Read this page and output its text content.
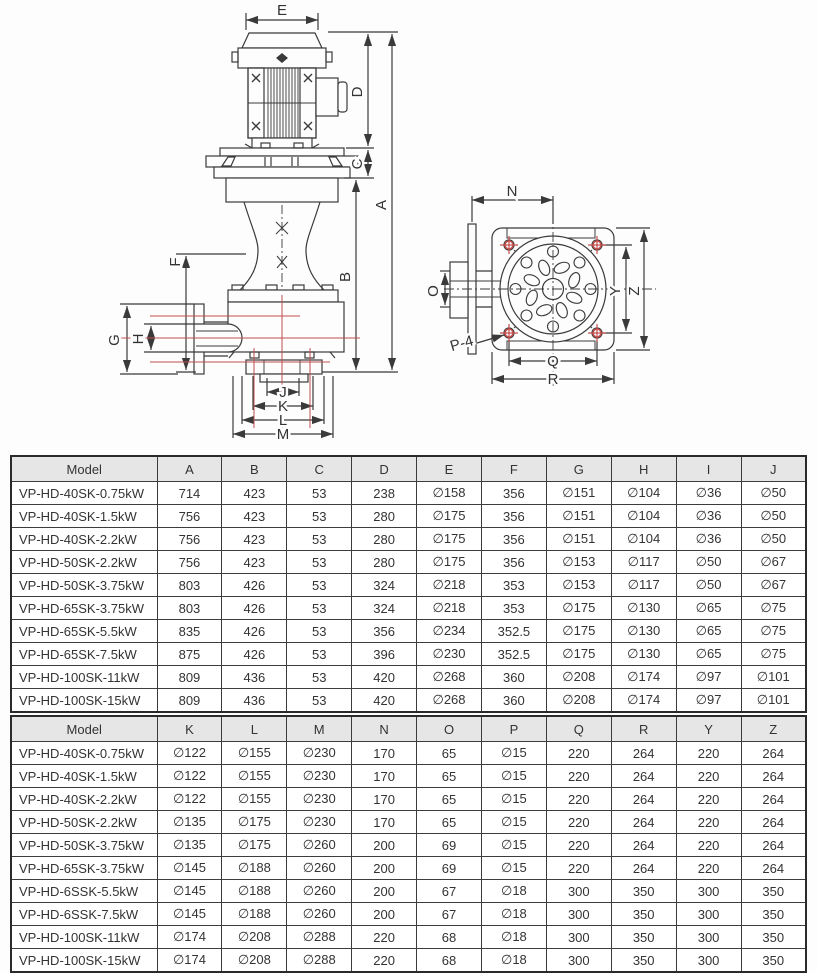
E
D
C
A
B
F
G H
J
K
L
M
N
O	Y Z
Q
R
P-4
Model	A	B	C	D	E	F	G	H	I	J
VP-HD-40SK-0.75kW	714	423	53	238	∅158	356	∅151	∅104	∅36	∅50
VP-HD-40SK-1.5kW	756	423	53	280	∅175	356	∅151	∅104	∅36	∅50
VP-HD-40SK-2.2kW	756	423	53	280	∅175	356	∅151	∅104	∅36	∅50
VP-HD-50SK-2.2kW	756	423	53	280	∅175	356	∅153	∅117	∅50	∅67
VP-HD-50SK-3.75kW	803	426	53	324	∅218	353	∅153	∅117	∅50	∅67
VP-HD-65SK-3.75kW	803	426	53	324	∅218	353	∅175	∅130	∅65	∅75
VP-HD-65SK-5.5kW	835	426	53	356	∅234	352.5	∅175	∅130	∅65	∅75
VP-HD-65SK-7.5kW	875	426	53	396	∅230	352.5	∅175	∅130	∅65	∅75
VP-HD-100SK-11kW	809	436	53	420	∅268	360	∅208	∅174	∅97	∅101
VP-HD-100SK-15kW	809	436	53	420	∅268	360	∅208	∅174	∅97	∅101
Model	K	L	M	N	O	P	Q	R	Y	Z
VP-HD-40SK-0.75kW	∅122	∅155	∅230	170	65	∅15	220	264	220	264
VP-HD-40SK-1.5kW	∅122	∅155	∅230	170	65	∅15	220	264	220	264
VP-HD-40SK-2.2kW	∅122	∅155	∅230	170	65	∅15	220	264	220	264
VP-HD-50SK-2.2kW	∅135	∅175	∅230	170	65	∅15	220	264	220	264
VP-HD-50SK-3.75kW	∅135	∅175	∅260	200	69	∅15	220	264	220	264
VP-HD-65SK-3.75kW	∅145	∅188	∅260	200	69	∅15	220	264	220	264
VP-HD-6SSK-5.5kW	∅145	∅188	∅260	200	67	∅18	300	350	300	350
VP-HD-6SSK-7.5kW	∅145	∅188	∅260	200	67	∅18	300	350	300	350
VP-HD-100SK-11kW	∅174	∅208	∅288	220	68	∅18	300	350	300	350
VP-HD-100SK-15kW	∅174	∅208	∅288	220	68	∅18	300	350	300	350
